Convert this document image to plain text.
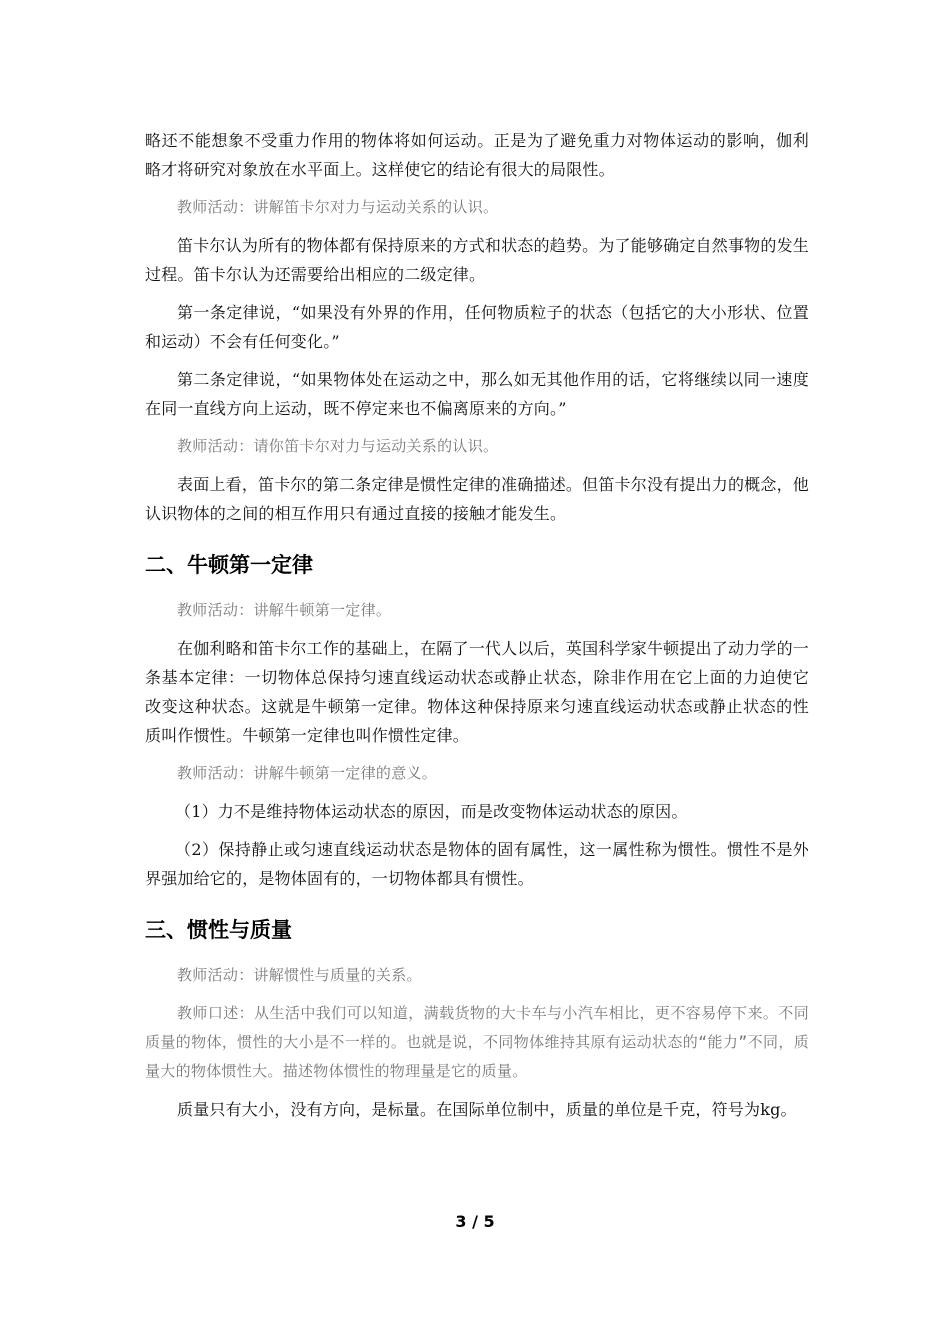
略还不能想象不受重力作用的物体将如何运动。正是为了避免重力对物体运动的影响，伽利略才将研究对象放在水平面上。这样使它的结论有很大的局限性。

教师活动：讲解笛卡尔对力与运动关系的认识。

笛卡尔认为所有的物体都有保持原来的方式和状态的趋势。为了能够确定自然事物的发生过程。笛卡尔认为还需要给出相应的二级定律。

第一条定律说，“如果没有外界的作用，任何物质粒子的状态（包括它的大小形状、位置和运动）不会有任何变化。”

第二条定律说，“如果物体处在运动之中，那么如无其他作用的话，它将继续以同一速度在同一直线方向上运动，既不停定来也不偏离原来的方向。”

教师活动：请你笛卡尔对力与运动关系的认识。

表面上看，笛卡尔的第二条定律是惯性定律的准确描述。但笛卡尔没有提出力的概念，他认识物体的之间的相互作用只有通过直接的接触才能发生。

二、牛顿第一定律

教师活动：讲解牛顿第一定律。

在伽利略和笛卡尔工作的基础上，在隔了一代人以后，英国科学家牛顿提出了动力学的一条基本定律：一切物体总保持匀速直线运动状态或静止状态，除非作用在它上面的力迫使它改变这种状态。这就是牛顿第一定律。物体这种保持原来匀速直线运动状态或静止状态的性质叫作惯性。牛顿第一定律也叫作惯性定律。

教师活动：讲解牛顿第一定律的意义。

（1）力不是维持物体运动状态的原因，而是改变物体运动状态的原因。

（2）保持静止或匀速直线运动状态是物体的固有属性，这一属性称为惯性。惯性不是外界强加给它的，是物体固有的，一切物体都具有惯性。

三、惯性与质量

教师活动：讲解惯性与质量的关系。

教师口述：从生活中我们可以知道，满载货物的大卡车与小汽车相比，更不容易停下来。不同质量的物体，惯性的大小是不一样的。也就是说，不同物体维持其原有运动状态的“能力”不同，质量大的物体惯性大。描述物体惯性的物理量是它的质量。

质量只有大小，没有方向，是标量。在国际单位制中，质量的单位是千克，符号为kg。

3 / 5
